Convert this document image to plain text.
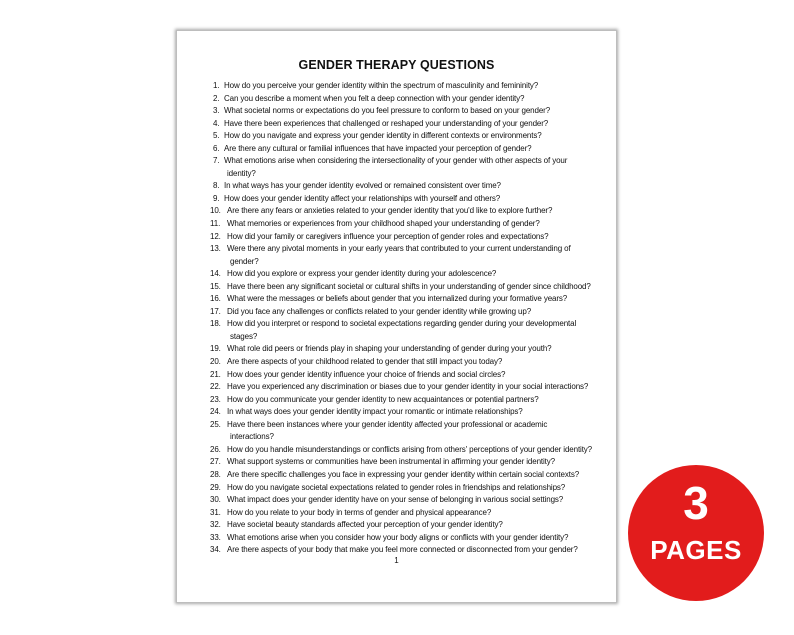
GENDER THERAPY QUESTIONS
1. How do you perceive your gender identity within the spectrum of masculinity and femininity?
2. Can you describe a moment when you felt a deep connection with your gender identity?
3. What societal norms or expectations do you feel pressure to conform to based on your gender?
4. Have there been experiences that challenged or reshaped your understanding of your gender?
5. How do you navigate and express your gender identity in different contexts or environments?
6. Are there any cultural or familial influences that have impacted your perception of gender?
7. What emotions arise when considering the intersectionality of your gender with other aspects of your
identity?
8. In what ways has your gender identity evolved or remained consistent over time?
9. How does your gender identity affect your relationships with yourself and others?
10. Are there any fears or anxieties related to your gender identity that you'd like to explore further?
11. What memories or experiences from your childhood shaped your understanding of gender?
12. How did your family or caregivers influence your perception of gender roles and expectations?
13. Were there any pivotal moments in your early years that contributed to your current understanding of
gender?
14. How did you explore or express your gender identity during your adolescence?
15. Have there been any significant societal or cultural shifts in your understanding of gender since childhood?
16. What were the messages or beliefs about gender that you internalized during your formative years?
17. Did you face any challenges or conflicts related to your gender identity while growing up?
18. How did you interpret or respond to societal expectations regarding gender during your developmental
stages?
19. What role did peers or friends play in shaping your understanding of gender during your youth?
20. Are there aspects of your childhood related to gender that still impact you today?
21. How does your gender identity influence your choice of friends and social circles?
22. Have you experienced any discrimination or biases due to your gender identity in your social interactions?
23. How do you communicate your gender identity to new acquaintances or potential partners?
24. In what ways does your gender identity impact your romantic or intimate relationships?
25. Have there been instances where your gender identity affected your professional or academic
interactions?
26. How do you handle misunderstandings or conflicts arising from others' perceptions of your gender identity?
27. What support systems or communities have been instrumental in affirming your gender identity?
28. Are there specific challenges you face in expressing your gender identity within certain social contexts?
29. How do you navigate societal expectations related to gender roles in friendships and relationships?
30. What impact does your gender identity have on your sense of belonging in various social settings?
31. How do you relate to your body in terms of gender and physical appearance?
32. Have societal beauty standards affected your perception of your gender identity?
33. What emotions arise when you consider how your body aligns or conflicts with your gender identity?
34. Are there aspects of your body that make you feel more connected or disconnected from your gender?
1
3
PAGES
